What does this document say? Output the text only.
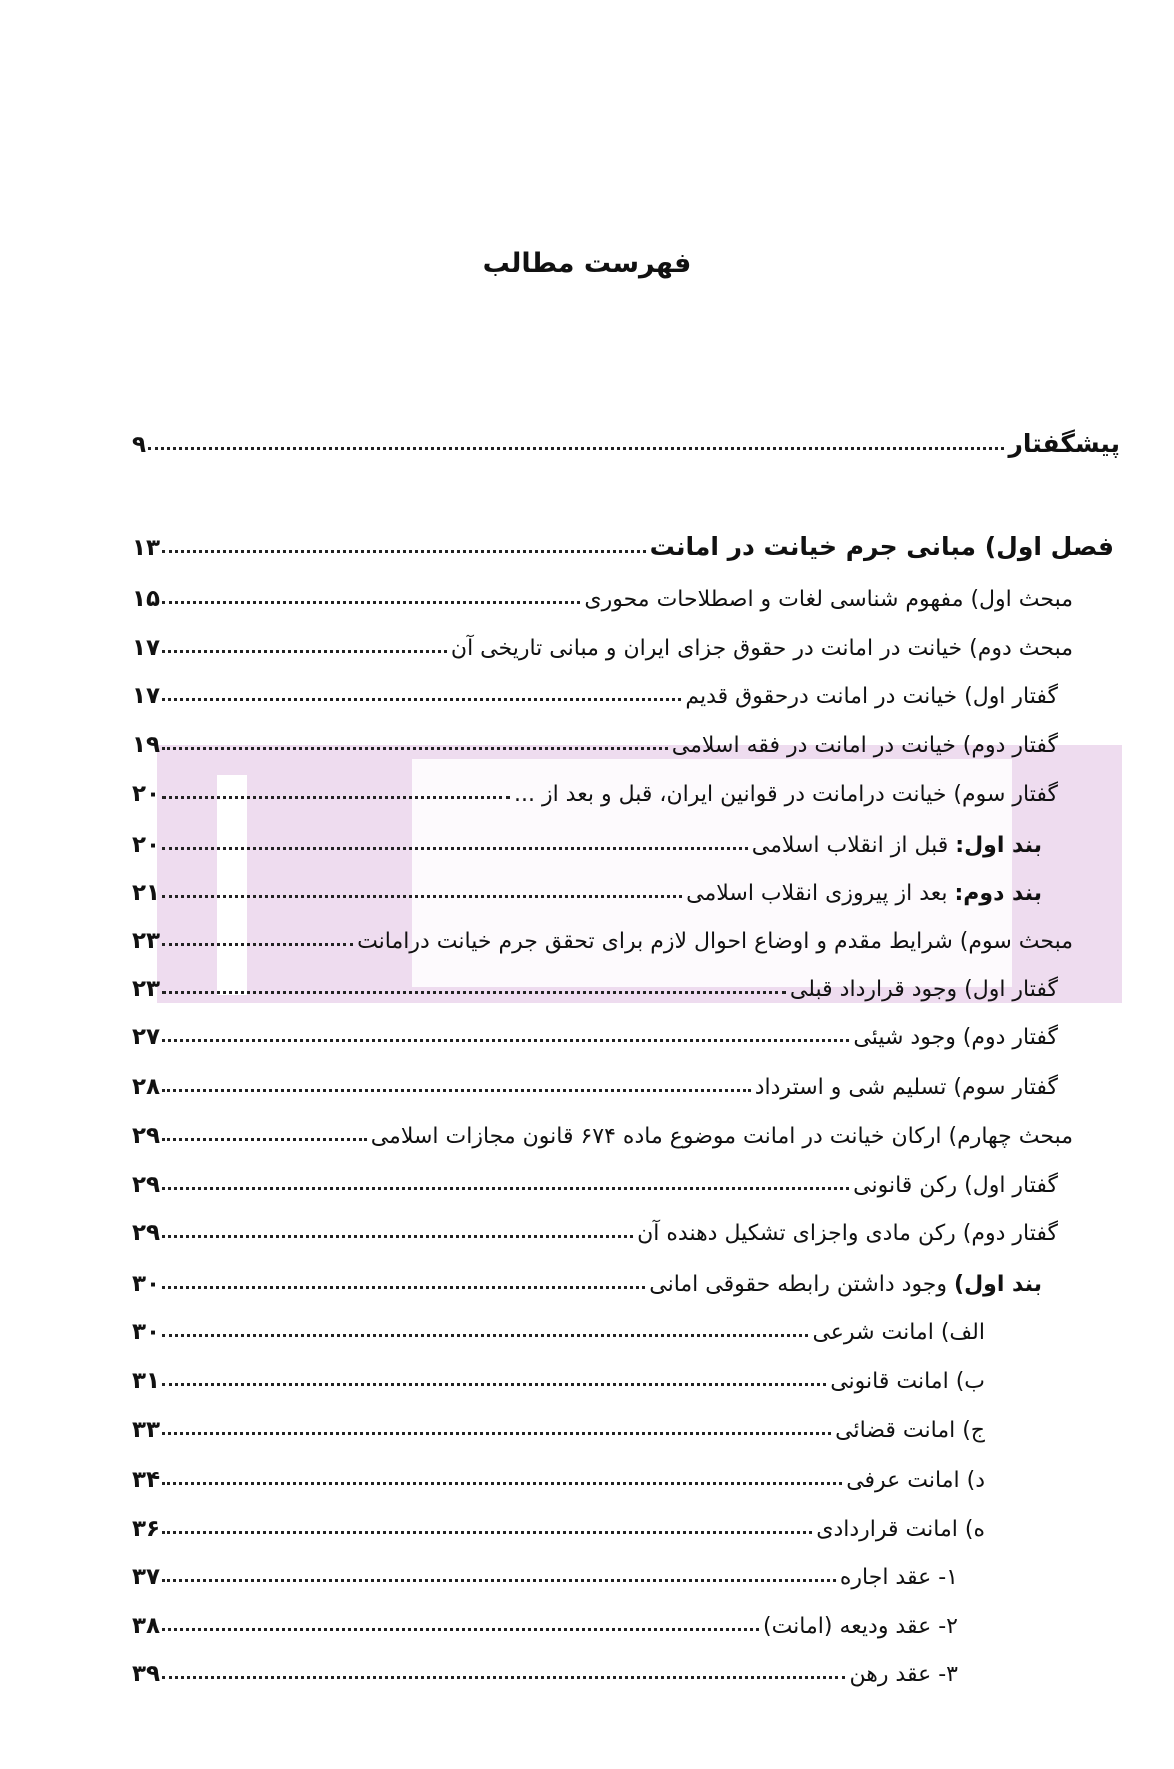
فهرست مطالب
پیشگفتار
۹
فصل اول) مبانی جرم خیانت در امانت
۱۳
مبحث اول) مفهوم شناسی لغات و اصطلاحات محوری
۱۵
مبحث دوم) خیانت در امانت در حقوق جزای ایران و مبانی تاریخی آن
۱۷
گفتار اول) خیانت در امانت درحقوق قدیم
۱۷
گفتار دوم) خیانت در امانت در فقه اسلامی
۱۹
گفتار سوم) خیانت درامانت در قوانین ایران، قبل و بعد از ...
۲۰
بند اول: قبل از انقلاب اسلامی
۲۰
بند دوم: بعد از پیروزی انقلاب اسلامی
۲۱
مبحث سوم) شرایط مقدم و اوضاع احوال لازم برای تحقق جرم خیانت درامانت
۲۳
گفتار اول) وجود قرارداد قبلی
۲۳
گفتار دوم) وجود شیئی
۲۷
گفتار سوم) تسلیم شی و استرداد
۲۸
مبحث چهارم) ارکان خیانت در امانت موضوع ماده ۶۷۴ قانون مجازات اسلامی
۲۹
گفتار اول) رکن قانونی
۲۹
گفتار دوم) رکن مادی واجزای تشکیل دهنده آن
۲۹
بند اول) وجود داشتن رابطه حقوقی امانی
۳۰
الف) امانت شرعی
۳۰
ب) امانت قانونی
۳۱
ج) امانت قضائی
۳۳
د) امانت عرفی
۳۴
ه) امانت قراردادی
۳۶
۱- عقد اجاره
۳۷
۲- عقد ودیعه (امانت)
۳۸
۳- عقد رهن
۳۹
